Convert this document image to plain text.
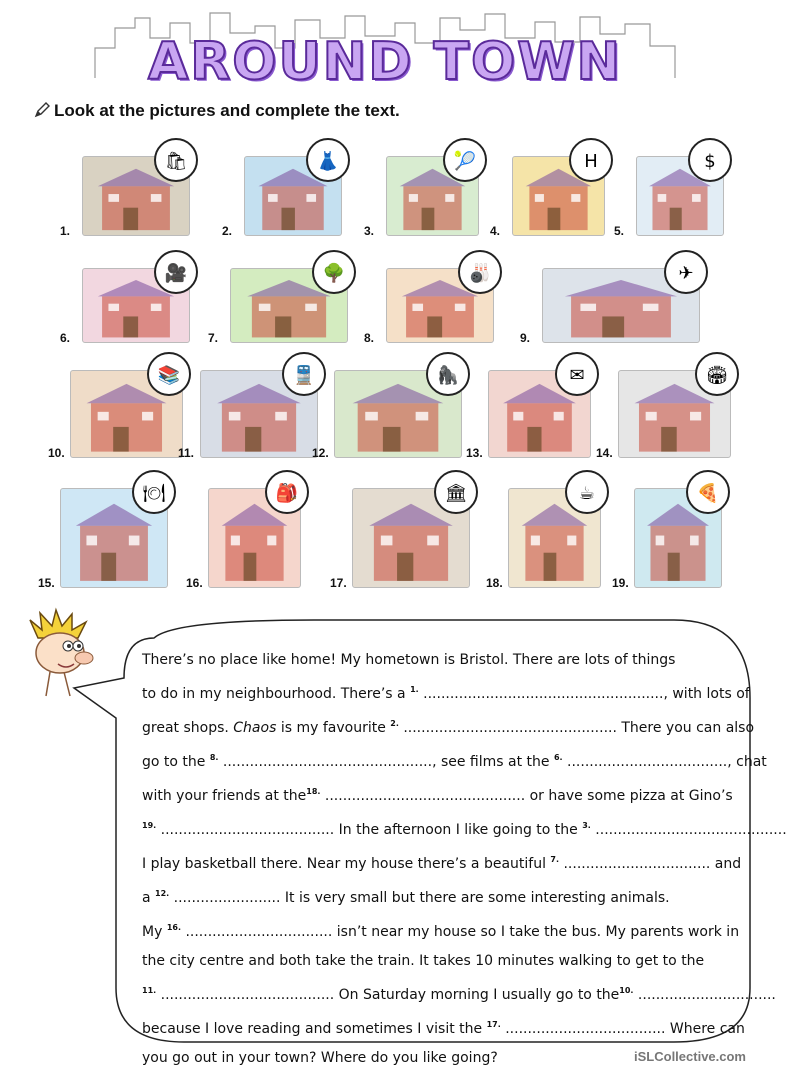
AROUND TOWN
Look at the pictures and complete the text.
🛍
1.
👗
2.
🎾
3.
H
4.
$
5.
🎥
6.
🌳
7.
🎳
8.
✈
9.
📚
10.
🚆
11.
🦍
12.
✉
13.
🏟
14.
🍽
15.
🎒
16.
🏛
17.
☕
18.
🍕
19.

There’s no place like home! My hometown is Bristol. There are lots of things

to do in my neighbourhood. There’s a $^{1.}$ ......................................................, with lots of

great shops. Chaos is my favourite $^{2.}$ ................................................ There you can also

go to the $^{8.}$ ..............................................., see films at the $^{6.}$ ...................................., chat

with your friends at the$^{18.}$ ............................................. or have some pizza at Gino’s

$^{19.}$ ....................................... In the afternoon I like going to the $^{3.}$ ...........................................

I play basketball there. Near my house there’s a beautiful $^{7.}$ ................................. and

a $^{12.}$ ........................ It is very small but there are some interesting animals.

My $^{16.}$ ................................. isn’t near my house so I take the bus. My parents work in

the city centre and both take the train. It takes 10 minutes walking to get to the

$^{11.}$ ....................................... On Saturday morning I usually go to the$^{10.}$ ...............................

because I love reading and sometimes I visit the $^{17.}$ .................................... Where can

you go out in your town? Where do you like going?	iSLCollective.com
